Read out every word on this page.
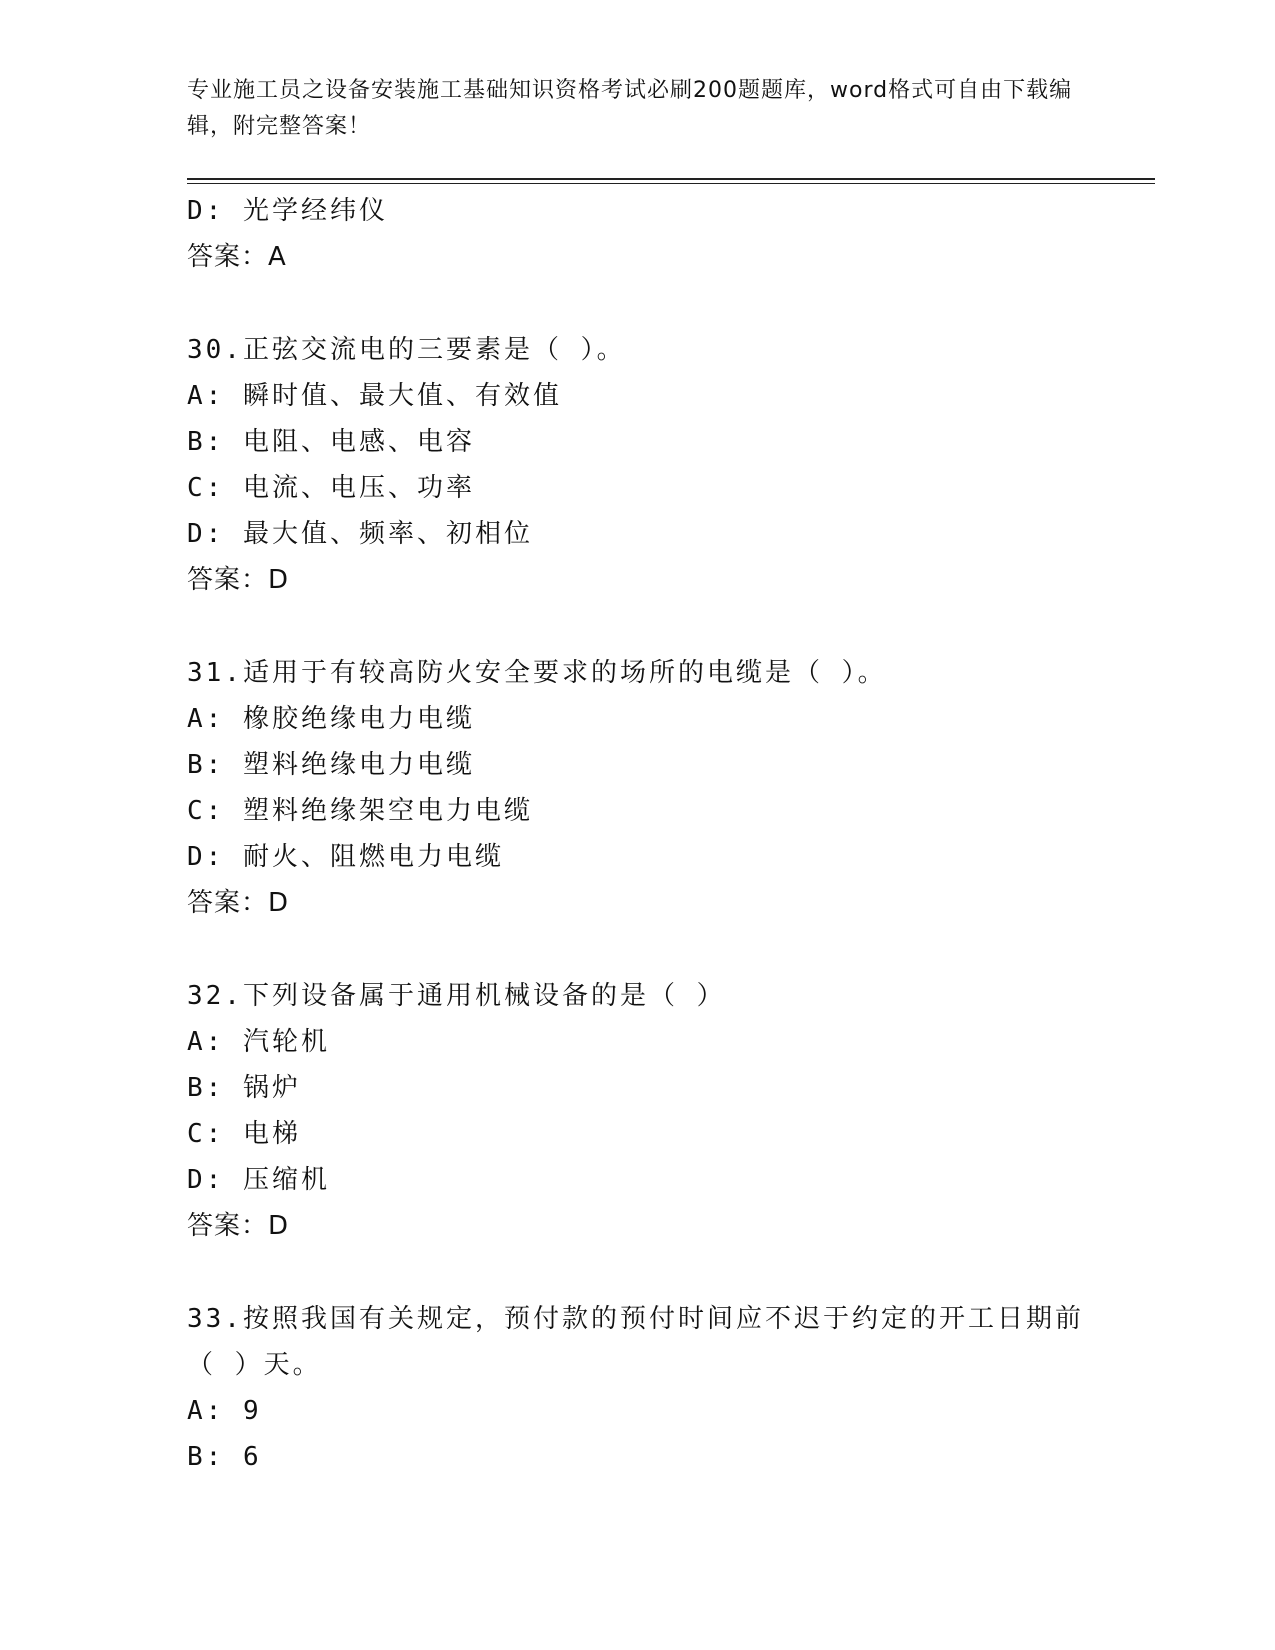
专业施工员之设备安装施工基础知识资格考试必刷200题题库，word格式可自由下载编辑，附完整答案！
D: 光学经纬仪
答案：A
30.正弦交流电的三要素是（ ）。
A: 瞬时值、最大值、有效值
B: 电阻、电感、电容
C: 电流、电压、功率
D: 最大值、频率、初相位
答案：D
31.适用于有较高防火安全要求的场所的电缆是（ ）。
A: 橡胶绝缘电力电缆
B: 塑料绝缘电力电缆
C: 塑料绝缘架空电力电缆
D: 耐火、阻燃电力电缆
答案：D
32.下列设备属于通用机械设备的是（ ）
A: 汽轮机
B: 锅炉
C: 电梯
D: 压缩机
答案：D
33.按照我国有关规定，预付款的预付时间应不迟于约定的开工日期前
（ ）天。
A: 9
B: 6
